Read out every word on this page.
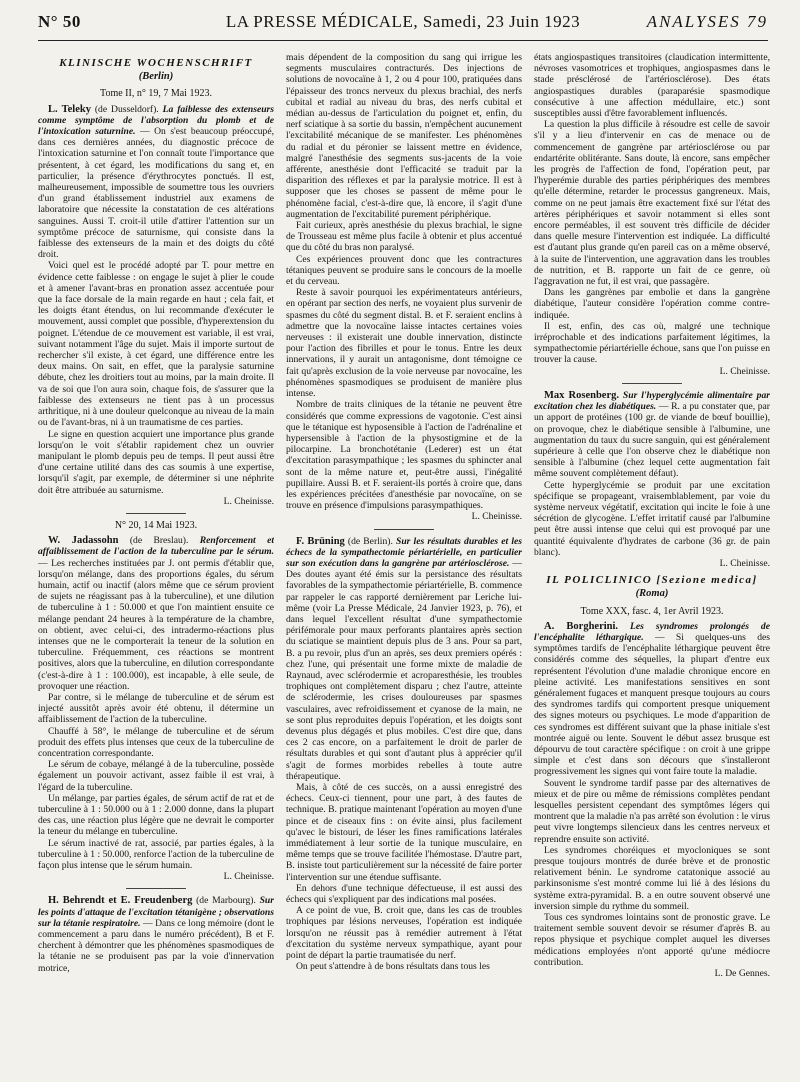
N° 50	LA PRESSE MÉDICALE, Samedi, 23 Juin 1923	ANALYSES 79
KLINISCHE WOCHENSCHRIFT
(Berlin)
Tome II, n° 19, 7 Mai 1923.

L. Teleky (de Dusseldorf). La faiblesse des extenseurs comme symptôme de l'absorption du plomb et de l'intoxication saturnine. — On s'est beaucoup préoccupé, dans ces dernières années, du diagnostic précoce de l'intoxication saturnine et l'on connaît toute l'importance que présentent, à cet égard, les modifications du sang et, en particulier, la présence d'érythrocytes ponctués. Il est, malheureusement, impossible de soumettre tous les ouvriers d'un grand établissement industriel aux examens de laboratoire que nécessite la constatation de ces altérations sanguines. Aussi T. croit-il utile d'attirer l'attention sur un symptôme précoce de saturnisme, qui consiste dans la faiblesse des extenseurs de la main et des doigts du côté droit.

Voici quel est le procédé adopté par T. pour mettre en évidence cette faiblesse : on engage le sujet à plier le coude et à amener l'avant-bras en pronation assez accentuée pour que la face dorsale de la main regarde en haut ; cela fait, et les doigts étant étendus, on lui recommande d'exécuter le mouvement, aussi complet que possible, d'hyperextension du poignet. L'étendue de ce mouvement est variable, il est vrai, suivant notamment l'âge du sujet. Mais il importe surtout de rechercher s'il existe, à cet égard, une différence entre les deux mains. On sait, en effet, que la paralysie saturnine débute, chez les droitiers tout au moins, par la main droite. Il va de soi que l'on aura soin, chaque fois, de s'assurer que la faiblesse des extenseurs ne tient pas à un processus arthritique, ni à une douleur quelconque au niveau de la main ou de l'avant-bras, ni à un traumatisme de ces parties.

Le signe en question acquiert une importance plus grande lorsqu'on le voit s'établir rapidement chez un ouvrier manipulant le plomb depuis peu de temps. Il peut aussi être d'une certaine utilité dans des cas soumis à une expertise, lorsqu'il s'agit, par exemple, de déterminer si une néphrite doit être attribuée au saturnisme.

L. Cheinisse.

N° 20, 14 Mai 1923.

W. Jadassohn (de Breslau). Renforcement et affaiblissement de l'action de la tuberculine par le sérum. — Les recherches instituées par J. ont permis d'établir que, lorsqu'on mélange, dans des proportions égales, du sérum humain, actif ou inactif (alors même que ce sérum provient de sujets ne réagissant pas à la tuberculine), et une dilution de tuberculine à 1 : 50.000 et que l'on maintient ensuite ce mélange pendant 24 heures à la température de la chambre, on obtient, avec celui-ci, des intradermo-réactions plus intenses que ne le comporterait la teneur de la solution en tuberculine. Fréquemment, ces réactions se montrent positives, alors que la tuberculine, en dilution correspondante (c'est-à-dire à 1 : 100.000), est incapable, à elle seule, de provoquer une réaction.

Par contre, si le mélange de tuberculine et de sérum est injecté aussitôt après avoir été obtenu, il détermine un affaiblissement de l'action de la tuberculine.

Chauffé à 58°, le mélange de tuberculine et de sérum produit des effets plus intenses que ceux de la tuberculine de concentration correspondante.

Le sérum de cobaye, mélangé à de la tuberculine, possède également un pouvoir activant, assez faible il est vrai, à l'égard de la tuberculine.

Un mélange, par parties égales, de sérum actif de rat et de tuberculine à 1 : 50.000 ou à 1 : 2.000 donne, dans la plupart des cas, une réaction plus légère que ne devrait le comporter la teneur du mélange en tuberculine.

Le sérum inactivé de rat, associé, par parties égales, à la tuberculine à 1 : 50.000, renforce l'action de la tuberculine de façon plus intense que le sérum humain.

L. Cheinisse.

H. Behrendt et E. Freudenberg (de Marbourg). Sur les points d'attaque de l'excitation tétanigène ; observations sur la tétanie respiratoire. — Dans ce long mémoire (dont le commencement a paru dans le numéro précédent), B et F. cherchent à démontrer que les phénomènes spasmodiques de la tétanie ne se produisent pas par la voie d'innervation motrice,

mais dépendent de la composition du sang qui irrigue les segments musculaires contracturés. Des injections de solutions de novocaïne à 1, 2 ou 4 pour 100, pratiquées dans l'épaisseur des troncs nerveux du plexus brachial, des nerfs cubital et radial au niveau du bras, des nerfs cubital et médian au-dessus de l'articulation du poignet et, enfin, du nerf sciatique à sa sortie du bassin, n'empêchent aucunement l'excitabilité mécanique de se manifester. Les phénomènes du radial et du péronier se laissent mettre en évidence, malgré l'anesthésie des segments sus-jacents de la voie afférente, anesthésie dont l'efficacité se traduit par la disparition des réflexes et par la paralysie motrice. Il est à supposer que les choses se passent de même pour le phénomène facial, c'est-à-dire que, là encore, il s'agit d'une augmentation de l'excitabilité purement périphérique.

Fait curieux, après anesthésie du plexus brachial, le signe de Trousseau est même plus facile à obtenir et plus accentué que du côté du bras non paralysé.

Ces expériences prouvent donc que les contractures tétaniques peuvent se produire sans le concours de la moelle et du cerveau.

Reste à savoir pourquoi les expérimentateurs antérieurs, en opérant par section des nerfs, ne voyaient plus survenir de spasmes du côté du segment distal. B. et F. seraient enclins à admettre que la novocaïne laisse intactes certaines voies nerveuses : il existerait une double innervation, distincte pour l'action des fibrilles et pour le tonus. Entre les deux innervations, il y aurait un antagonisme, dont témoigne ce fait qu'après exclusion de la voie nerveuse par novocaïne, les phénomènes spasmodiques se produisent de manière plus intense.

Nombre de traits cliniques de la tétanie ne peuvent être considérés que comme expressions de vagotonie. C'est ainsi que le tétanique est hyposensible à l'action de l'adrénaline et hypersensible à l'action de la physostigmine et de la pilocarpine. La bronchotétanie (Lederer) est un état d'excitation parasympathique ; les spasmes du sphincter anal sont de la même nature et, peut-être aussi, l'inégalité pupillaire. Aussi B. et F. seraient-ils portés à croire que, dans les expériences précitées d'anesthésie par novocaïne, on se trouve en présence d'impulsions parasympathiques.

L. Cheinisse.

F. Brüning (de Berlin). Sur les résultats durables et les échecs de la sympathectomie périartérielle, en particulier sur son exécution dans la gangrène par artériosclérose. — Des doutes ayant été émis sur la persistance des résultats favorables de la sympathectomie périartérielle, B. commence par rappeler le cas rapporté dernièrement par Leriche lui-même (voir La Presse Médicale, 24 Janvier 1923, p. 76), et dans lequel l'excellent résultat d'une sympathectomie périfémorale pour maux perforants plantaires après section du sciatique se maintient depuis plus de 3 ans. Pour sa part, B. a pu revoir, plus d'un an après, ses deux premiers opérés : chez l'une, qui présentait une forme mixte de maladie de Raynaud, avec sclérodermie et acroparesthésie, les troubles trophiques ont complètement disparu ; chez l'autre, atteinte de sclérodermie, les crises douloureuses par spasmes vasculaires, avec refroidissement et cyanose de la main, ne se sont plus reproduites depuis l'opération, et les doigts sont devenus plus dégagés et plus mobiles. C'est dire que, dans ces 2 cas encore, on a parfaitement le droit de parler de résultats durables et qui sont d'autant plus à apprécier qu'il s'agit de formes morbides rebelles à toute autre thérapeutique.

Mais, à côté de ces succès, on a aussi enregistré des échecs. Ceux-ci tiennent, pour une part, à des fautes de technique. B. pratique maintenant l'opération au moyen d'une pince et de ciseaux fins : on évite ainsi, plus facilement qu'avec le bistouri, de léser les fines ramifications latérales immédiatement à leur sortie de la tunique musculaire, en même temps que se trouve facilitée l'hémostase. D'autre part, B. insiste tout particulièrement sur la nécessité de faire porter l'intervention sur une étendue suffisante.

En dehors d'une technique défectueuse, il est aussi des échecs qui s'expliquent par des indications mal posées.

A ce point de vue, B. croit que, dans les cas de troubles trophiques par lésions nerveuses, l'opération est indiquée lorsqu'on ne réussit pas à remédier autrement à l'état d'excitation du système nerveux sympathique, ayant pour point de départ la partie traumatisée du nerf.

On peut s'attendre à de bons résultats dans tous les

états angiospastiques transitoires (claudication intermittente, névroses vasomotrices et trophiques, angiospasmes dans le stade présclérosé de l'artériosclérose). Des états angiospastiques durables (paraparésie spasmodique consécutive à une affection médullaire, etc.) sont susceptibles aussi d'être favorablement influencés.

La question la plus difficile à résoudre est celle de savoir s'il y a lieu d'intervenir en cas de menace ou de commencement de gangrène par artériosclérose ou par endartérite oblitérante. Sans doute, là encore, sans empêcher les progrès de l'affection de fond, l'opération peut, par l'hyperémie durable des parties périphériques des membres qu'elle détermine, retarder le processus gangreneux. Mais, comme on ne peut jamais être exactement fixé sur l'état des artères périphériques et savoir notamment si elles sont encore perméables, il est souvent très difficile de décider dans quelle mesure l'intervention est indiquée. La difficulté est d'autant plus grande qu'en pareil cas on a même observé, à la suite de l'intervention, une aggravation dans les troubles de nutrition, et B. rapporte un fait de ce genre, où l'aggravation ne fut, il est vrai, que passagère.

Dans les gangrènes par embolie et dans la gangrène diabétique, l'auteur considère l'opération comme contre-indiquée.

Il est, enfin, des cas où, malgré une technique irréprochable et des indications parfaitement légitimes, la sympathectomie périartérielle échoue, sans que l'on puisse en trouver la cause.

L. Cheinisse.

Max Rosenberg. Sur l'hyperglycémie alimentaire par excitation chez les diabétiques. — R. a pu constater que, par un apport de protéines (100 gr. de viande de bœuf bouillie), on provoque, chez le diabétique sensible à l'albumine, une augmentation du taux du sucre sanguin, qui est généralement supérieure à celle que l'on observe chez le diabétique non sensible à l'albumine (chez lequel cette augmentation fait même souvent complètement défaut).

Cette hyperglycémie se produit par une excitation spécifique se propageant, vraisemblablement, par voie du système nerveux végétatif, excitation qui incite le foie à une sécrétion de glycogène. L'effet irritatif causé par l'albumine peut être aussi intense que celui qui est provoqué par une quantité équivalente d'hydrates de carbone (36 gr. de pain blanc).

L. Cheinisse.

IL POLICLINICO [Sezione medica]
(Roma)
Tome XXX, fasc. 4, 1er Avril 1923.

A. Borgherini. Les syndromes prolongés de l'encéphalite léthargique. — Si quelques-uns des symptômes tardifs de l'encéphalite léthargique peuvent être considérés comme des séquelles, la plupart d'entre eux représentent l'évolution d'une maladie chronique encore en pleine activité. Les manifestations sensitives en sont généralement fugaces et manquent presque toujours au cours des syndromes tardifs qui comportent presque uniquement des signes moteurs ou psychiques. Le mode d'apparition de ces syndromes est différent suivant que la phase initiale s'est montrée aiguë ou lente. Souvent le début assez brusque est dépourvu de tout caractère spécifique : on croit à une grippe simple et c'est dans son décours que s'installeront progressivement les signes qui vont faire toute la maladie.

Souvent le syndrome tardif passe par des alternatives de mieux et de pire ou même de rémissions complètes pendant lesquelles persistent cependant des symptômes légers qui montrent que la maladie n'a pas arrêté son évolution : le virus peut vivre longtemps silencieux dans les centres nerveux et reprendre ensuite son activité.

Les syndromes choréiques et myocloniques se sont presque toujours montrés de durée brève et de pronostic relativement bénin. Le syndrome catatonique associé au parkinsonisme s'est montré comme lui lié à des lésions du système extra-pyramidal. B. a en outre souvent observé une inversion simple du rythme du sommeil.

Tous ces syndromes lointains sont de pronostic grave. Le traitement semble souvent devoir se résumer d'après B. au repos physique et psychique complet auquel les diverses médications employées n'ont apporté qu'une médiocre contribution.

L. De Gennes.
